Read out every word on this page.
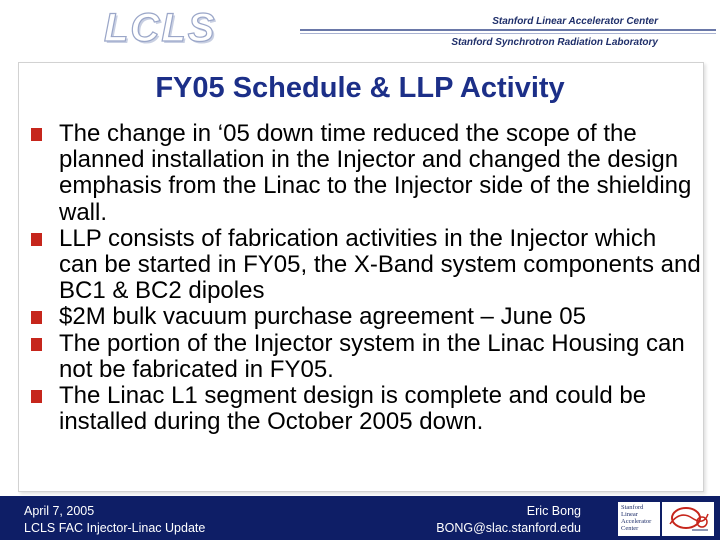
LCLS	Stanford Linear Accelerator Center
Stanford Synchrotron Radiation Laboratory
FY05 Schedule & LLP Activity
The change in ‘05 down time reduced the scope of the planned installation in the Injector and changed the design emphasis from the Linac to the Injector side of the shielding wall.
LLP consists of fabrication activities in the Injector which can be started in FY05, the X-Band system components and BC1 & BC2 dipoles
$2M bulk vacuum purchase agreement – June 05
The portion of the Injector system in the Linac Housing can not be fabricated in FY05.
The Linac L1 segment design is complete and could be installed during the October 2005 down.
April 7, 2005
LCLS FAC Injector-Linac Update
Eric Bong
BONG@slac.stanford.edu
Stanford
Linear
Accelerator
Center
